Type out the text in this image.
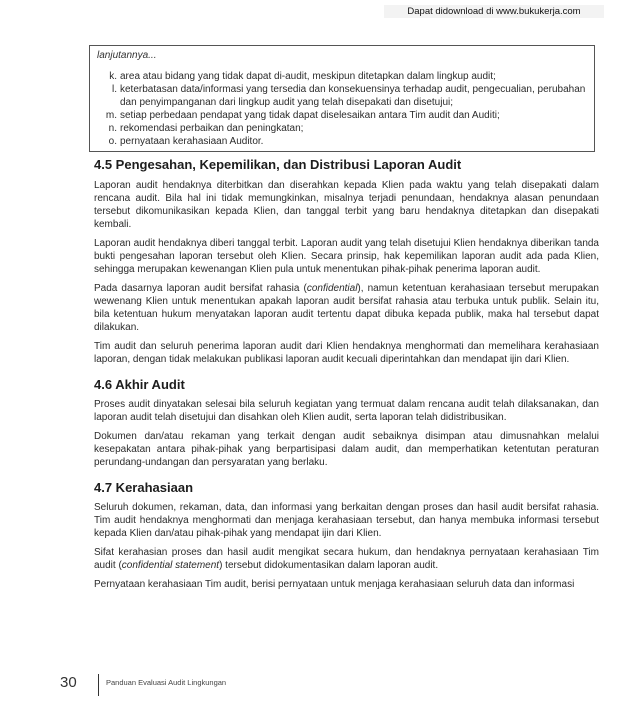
Dapat didownload di www.bukukerja.com
lanjutannya...
k. area atau bidang yang tidak dapat di-audit, meskipun ditetapkan dalam lingkup audit;
l. keterbatasan data/informasi yang tersedia dan konsekuensinya terhadap audit, pengecualian, perubahan dan penyimpanganan dari lingkup audit yang telah disepakati dan disetujui;
m. setiap perbedaan pendapat yang tidak dapat diselesaikan antara Tim audit dan Auditi;
n. rekomendasi perbaikan dan peningkatan;
o. pernyataan kerahasiaan Auditor.
4.5 Pengesahan, Kepemilikan, dan Distribusi Laporan Audit

Laporan audit hendaknya diterbitkan dan diserahkan kepada Klien pada waktu yang telah disepakati dalam rencana audit. Bila hal ini tidak memungkinkan, misalnya terjadi penundaan, hendaknya alasan penundaan tersebut dikomunikasikan kepada Klien, dan tanggal terbit yang baru hendaknya ditetapkan dan disepakati kembali.

Laporan audit hendaknya diberi tanggal terbit. Laporan audit yang telah disetujui Klien hendaknya diberikan tanda bukti pengesahan laporan tersebut oleh Klien. Secara prinsip, hak kepemilikan laporan audit ada pada Klien, sehingga merupakan kewenangan Klien pula untuk menentukan pihak-pihak penerima laporan audit.

Pada dasarnya laporan audit bersifat rahasia (confidential), namun ketentuan kerahasiaan tersebut merupakan wewenang Klien untuk menentukan apakah laporan audit bersifat rahasia atau terbuka untuk publik. Selain itu, bila ketentuan hukum menyatakan laporan audit tertentu dapat dibuka kepada publik, maka hal tersebut dapat dilakukan.

Tim audit dan seluruh penerima laporan audit dari Klien hendaknya menghormati dan memelihara kerahasiaan laporan, dengan tidak melakukan publikasi laporan audit kecuali diperintahkan dan mendapat ijin dari Klien.

4.6 Akhir Audit

Proses audit dinyatakan selesai bila seluruh kegiatan yang termuat dalam rencana audit telah dilaksanakan, dan laporan audit telah disetujui dan disahkan oleh Klien audit, serta laporan telah didistribusikan.

Dokumen dan/atau rekaman yang terkait dengan audit sebaiknya disimpan atau dimusnahkan melalui kesepakatan antara pihak-pihak yang berpartisipasi dalam audit, dan memperhatikan ketentutan peraturan perundang-undangan dan persyaratan yang berlaku.

4.7 Kerahasiaan

Seluruh dokumen, rekaman, data, dan informasi yang berkaitan dengan proses dan hasil audit bersifat rahasia. Tim audit hendaknya menghormati dan menjaga kerahasiaan tersebut, dan hanya membuka informasi tersebut kepada Klien dan/atau pihak-pihak yang mendapat ijin dari Klien.

Sifat kerahasian proses dan hasil audit mengikat secara hukum, dan hendaknya pernyataan kerahasiaan Tim audit (confidential statement) tersebut didokumentasikan dalam laporan audit.

Pernyataan kerahasiaan Tim audit, berisi pernyataan untuk menjaga kerahasiaan seluruh data dan informasi

30	Panduan Evaluasi Audit Lingkungan
